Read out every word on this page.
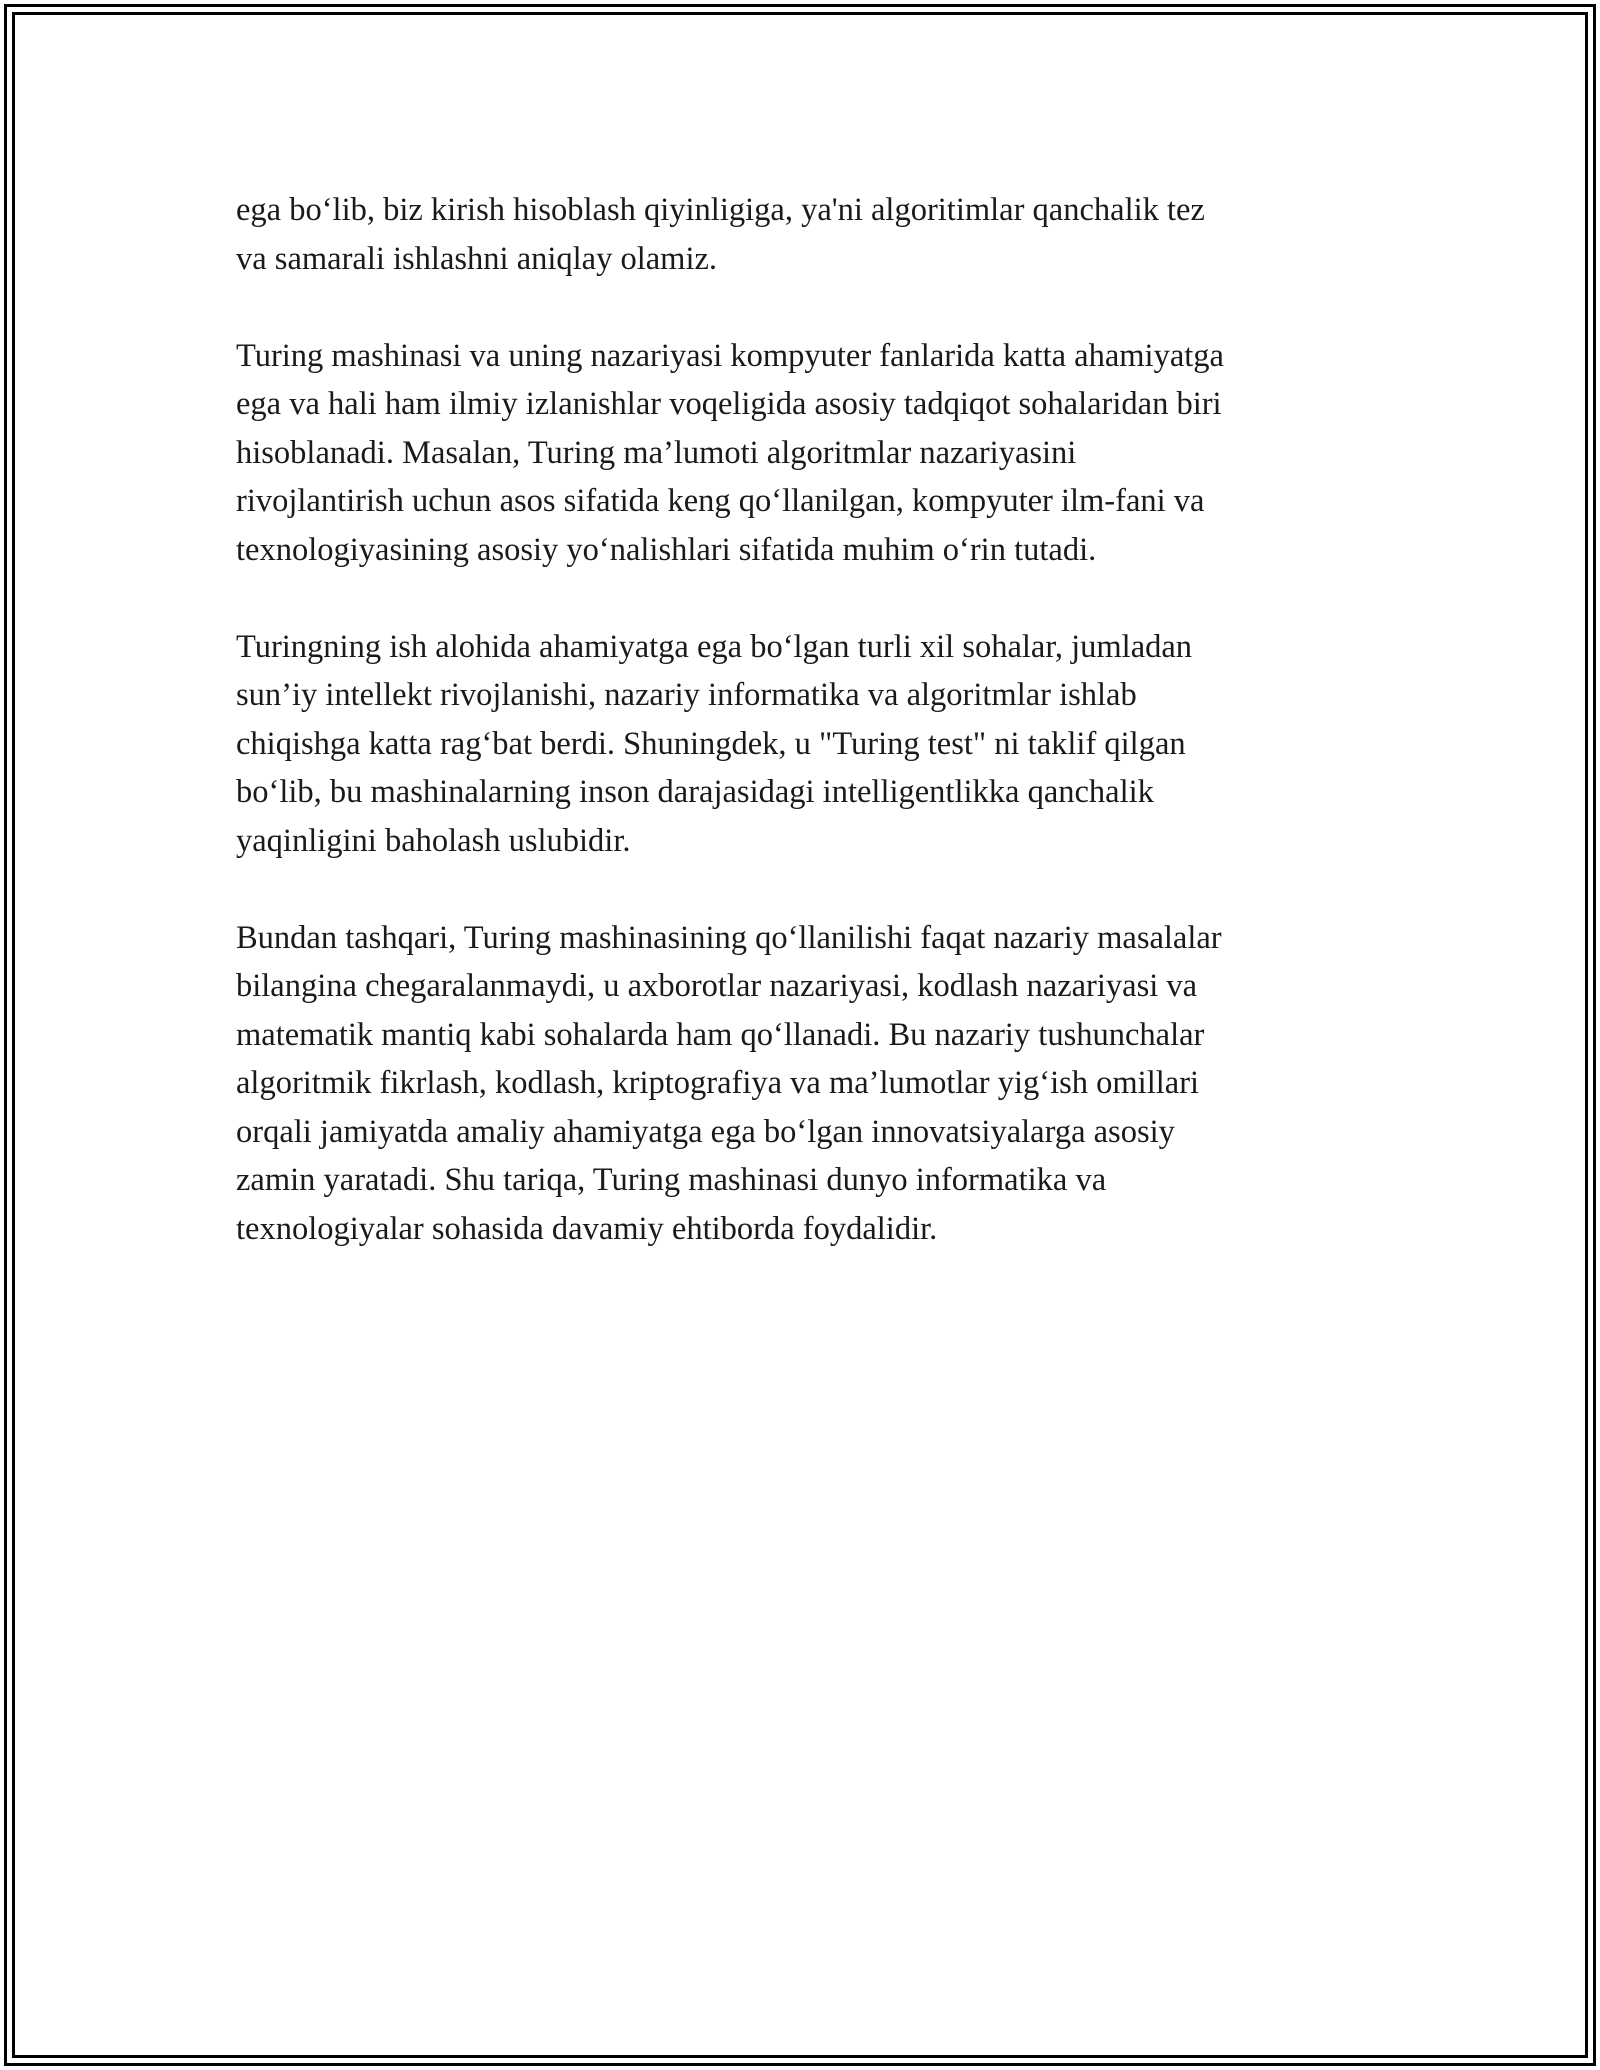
ega bo‘lib, biz kirish hisoblash qiyinligiga, ya'ni algoritimlar qanchalik tez
va samarali ishlashni aniqlay olamiz.

Turing mashinasi va uning nazariyasi kompyuter fanlarida katta ahamiyatga
ega va hali ham ilmiy izlanishlar voqeligida asosiy tadqiqot sohalaridan biri
hisoblanadi. Masalan, Turing ma’lumoti algoritmlar nazariyasini
rivojlantirish uchun asos sifatida keng qo‘llanilgan, kompyuter ilm-fani va
texnologiyasining asosiy yo‘nalishlari sifatida muhim o‘rin tutadi.

Turingning ish alohida ahamiyatga ega bo‘lgan turli xil sohalar, jumladan
sun’iy intellekt rivojlanishi, nazariy informatika va algoritmlar ishlab
chiqishga katta rag‘bat berdi. Shuningdek, u "Turing test" ni taklif qilgan
bo‘lib, bu mashinalarning inson darajasidagi intelligentlikka qanchalik
yaqinligini baholash uslubidir.

Bundan tashqari, Turing mashinasining qo‘llanilishi faqat nazariy masalalar
bilangina chegaralanmaydi, u axborotlar nazariyasi, kodlash nazariyasi va
matematik mantiq kabi sohalarda ham qo‘llanadi. Bu nazariy tushunchalar
algoritmik fikrlash, kodlash, kriptografiya va ma’lumotlar yig‘ish omillari
orqali jamiyatda amaliy ahamiyatga ega bo‘lgan innovatsiyalarga asosiy
zamin yaratadi. Shu tariqa, Turing mashinasi dunyo informatika va
texnologiyalar sohasida davamiy ehtiborda foydalidir.
